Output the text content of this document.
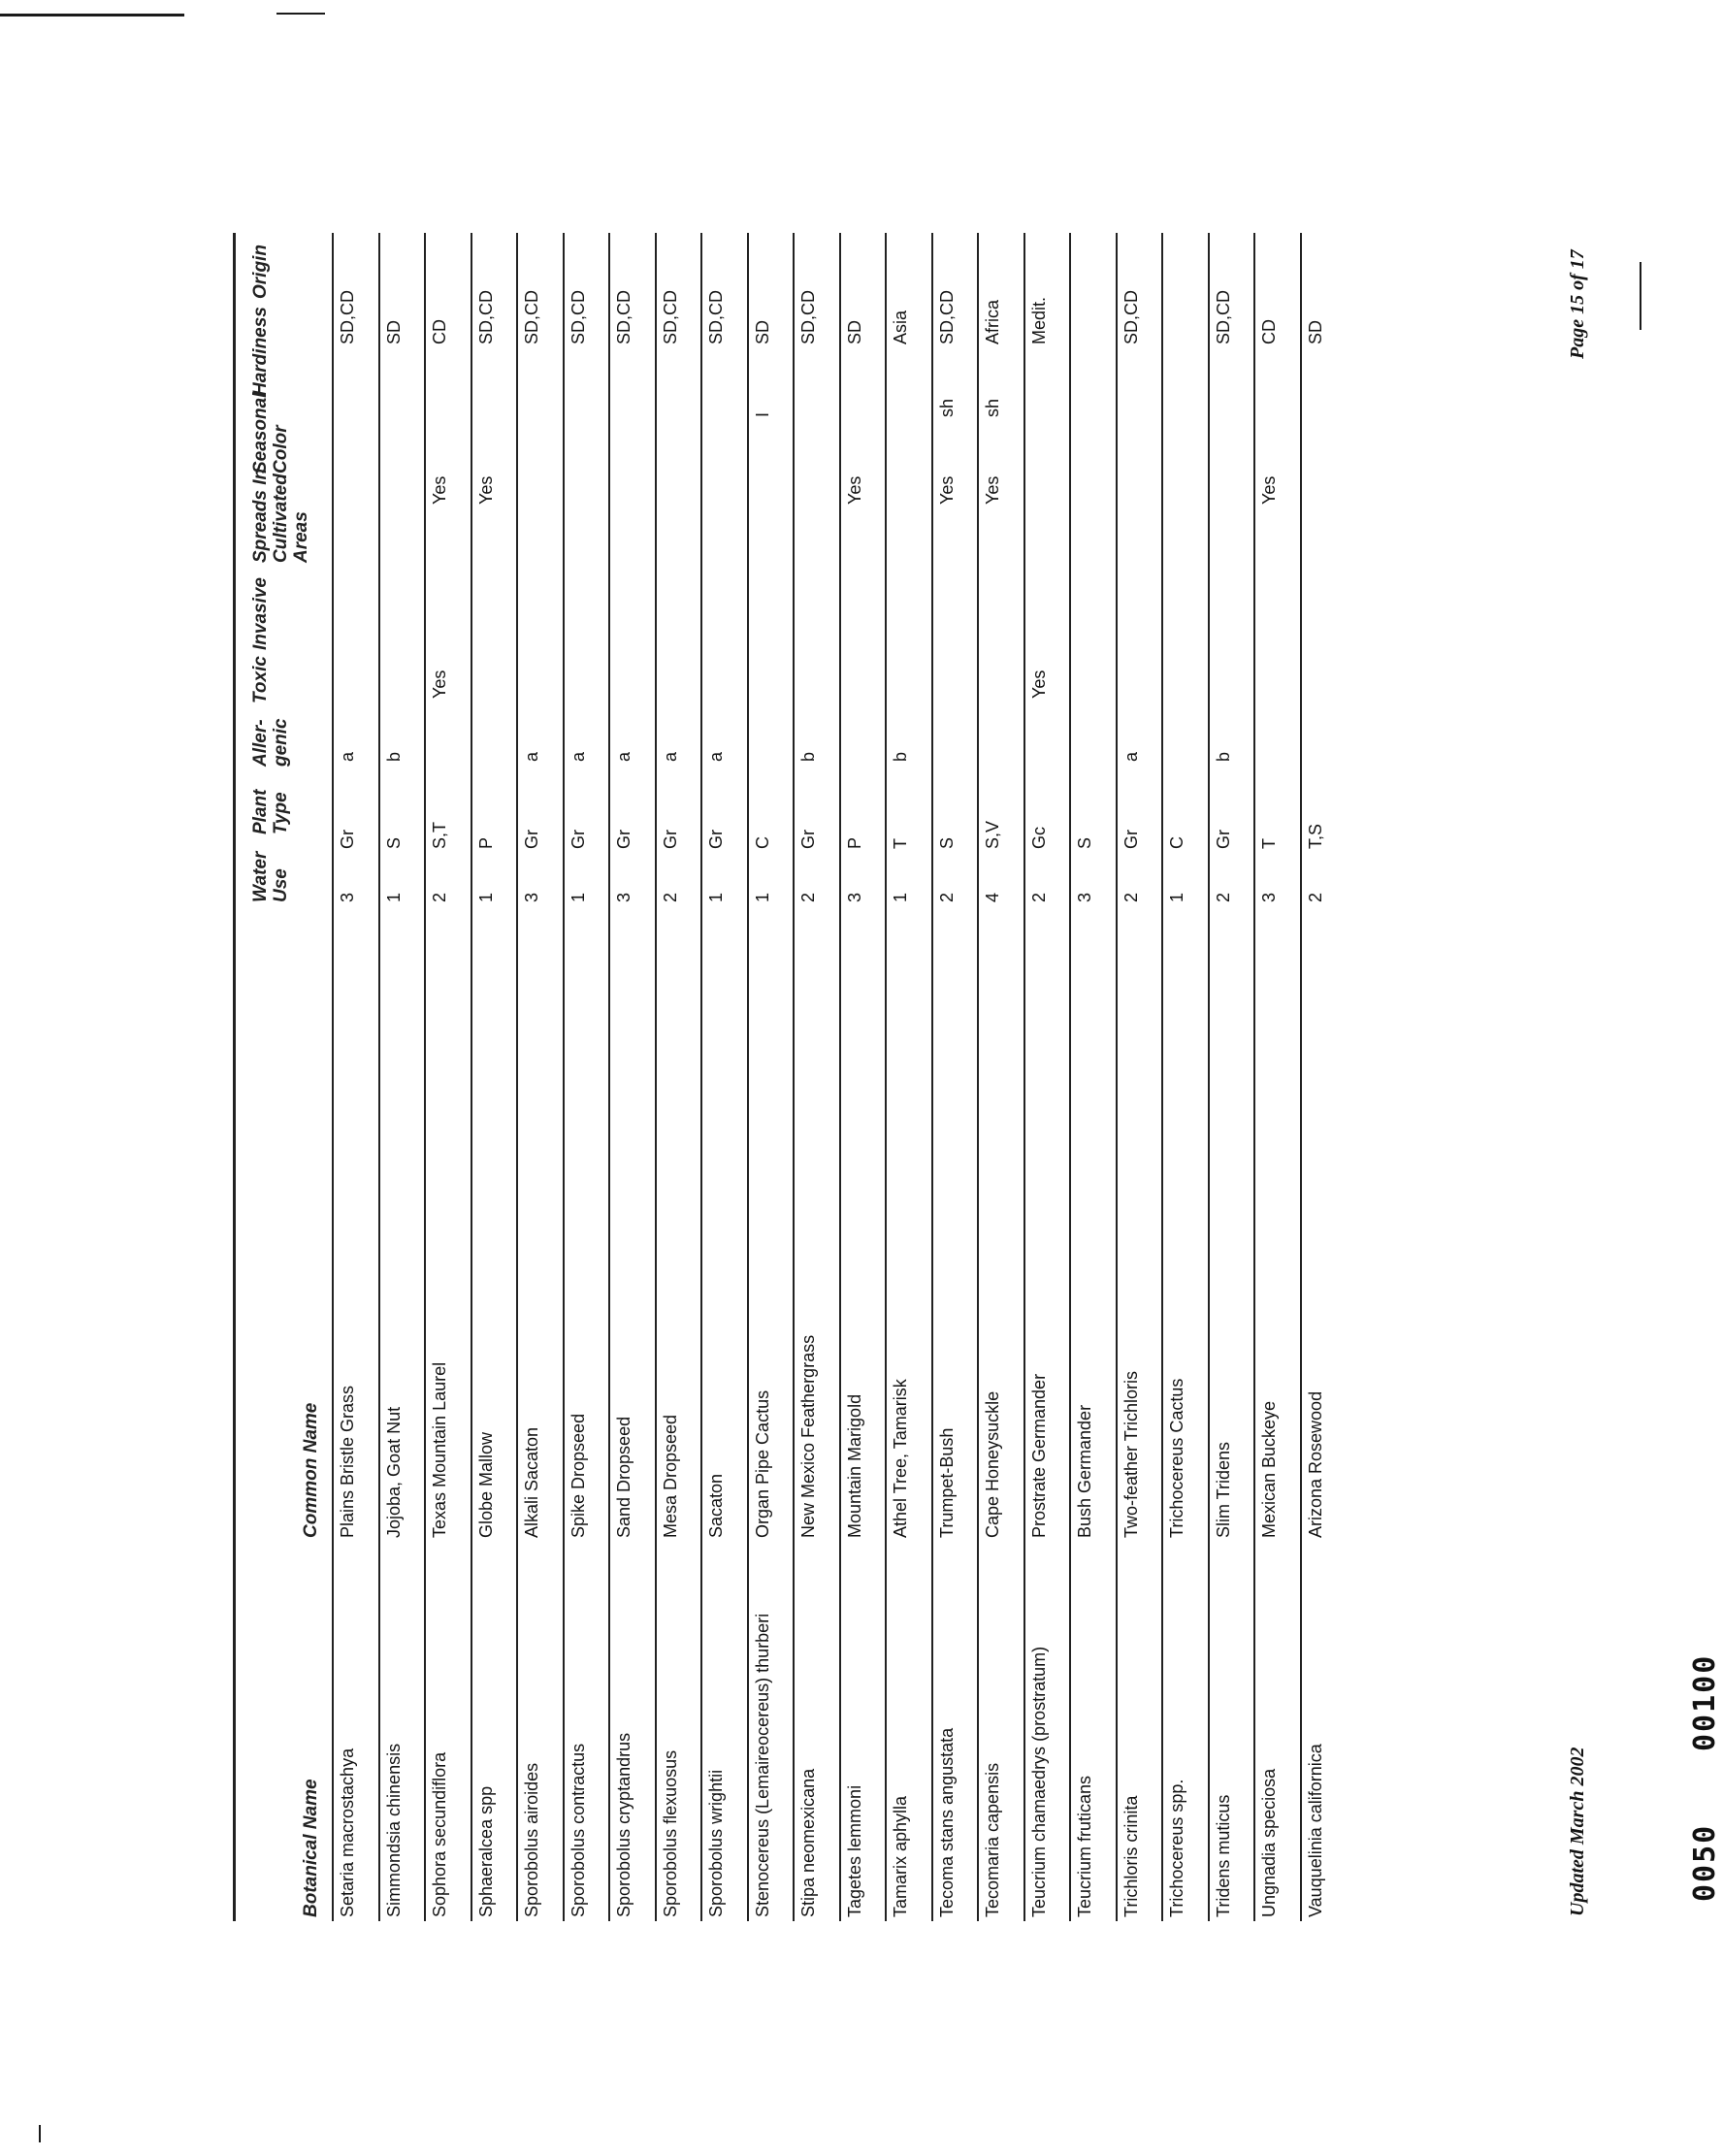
Botanical Name
Common Name
Water Use
Plant Type
Aller- genic
Toxic
Invasive
Spreads In Cultivated Areas
Seasonal Color
Hardiness
Origin
Setaria macrostachya
Plains Bristle Grass
3
Gr
a
SD,CD
Simmondsia chinensis
Jojoba, Goat Nut
1
S
b
SD
Sophora secundiflora
Texas Mountain Laurel
2
S,T
Yes
Yes
CD
Sphaeralcea spp
Globe Mallow
1
P
Yes
SD,CD
Sporobolus airoides
Alkali Sacaton
3
Gr
a
SD,CD
Sporobolus contractus
Spike Dropseed
1
Gr
a
SD,CD
Sporobolus cryptandrus
Sand Dropseed
3
Gr
a
SD,CD
Sporobolus flexuosus
Mesa Dropseed
2
Gr
a
SD,CD
Sporobolus wrightii
Sacaton
1
Gr
a
SD,CD
Stenocereus (Lemaireocereus) thurberi
Organ Pipe Cactus
1
C
I
SD
Stipa neomexicana
New Mexico Feathergrass
2
Gr
b
SD,CD
Tagetes lemmoni
Mountain Marigold
3
P
Yes
SD
Tamarix aphylla
Athel Tree, Tamarisk
1
T
b
Asia
Tecoma stans angustata
Trumpet-Bush
2
S
Yes
sh
SD,CD
Tecomaria capensis
Cape Honeysuckle
4
S,V
Yes
sh
Africa
Teucrium chamaedrys (prostratum)
Prostrate Germander
2
Gc
Yes
Medit.
Teucrium fruticans
Bush Germander
3
S
Trichloris crinita
Two-feather Trichloris
2
Gr
a
SD,CD
Trichocereus spp.
Trichocereus Cactus
1
C
Tridens muticus
Slim Tridens
2
Gr
b
SD,CD
Ungnadia speciosa
Mexican Buckeye
3
T
Yes
CD
Vauquelinia californica
Arizona Rosewood
2
T,S
SD
Updated March 2002
Page 15 of 17
0050
00100
